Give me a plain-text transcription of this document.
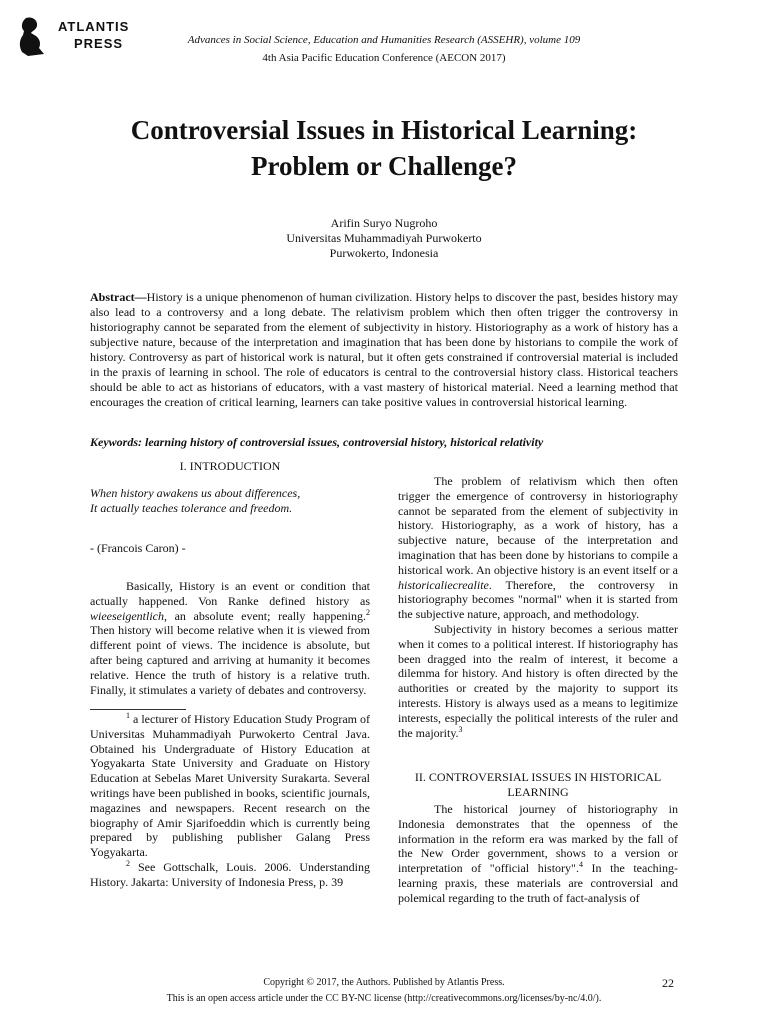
ATLANTIS
PRESS	Advances in Social Science, Education and Humanities Research (ASSEHR), volume 109
4th Asia Pacific Education Conference (AECON 2017)
Controversial Issues in Historical Learning:
Problem or Challenge?
Arifin Suryo Nugroho
Universitas Muhammadiyah Purwokerto
Purwokerto, Indonesia
Abstract—History is a unique phenomenon of human civilization. History helps to discover the past, besides history may also lead to a controversy and a long debate. The relativism problem which then often trigger the controversy in historiography cannot be separated from the element of subjectivity in history. Historiography as a work of history has a subjective nature, because of the interpretation and imagination that has been done by historians to compile the work of history. Controversy as part of historical work is natural, but it often gets constrained if controversial material is included in the praxis of learning in school. The role of educators is central to the controversial history class. Historical teachers should be able to act as historians of educators, with a vast mastery of historical material. Need a learning method that encourages the creation of critical learning, learners can take positive values in controversial historical learning.
Keywords: learning history of controversial issues, controversial history, historical relativity
I. INTRODUCTION
When history awakens us about differences,
It actually teaches tolerance and freedom.
- (Francois Caron) -

Basically, History is an event or condition that actually happened. Von Ranke defined history as wieeseigentlich, an absolute event; really happening.$^2$ Then history will become relative when it is viewed from different point of views. The incidence is absolute, but after being captured and arriving at humanity it becomes relative. Hence the truth of history is a relative truth. Finally, it stimulates a variety of debates and controversy.

$^1$ a lecturer of History Education Study Program of Universitas Muhammadiyah Purwokerto Central Java. Obtained his Undergraduate of History Education at Yogyakarta State University and Graduate on History Education at Sebelas Maret University Surakarta. Several writings have been published in books, scientific journals, magazines and newspapers. Recent research on the biography of Amir Sjarifoeddin which is currently being prepared by publishing publisher Galang Press Yogyakarta.

$^2$ See Gottschalk, Louis. 2006. Understanding History. Jakarta: University of Indonesia Press, p. 39

The problem of relativism which then often trigger the emergence of controversy in historiography cannot be separated from the element of subjectivity in history. Historiography, as a work of history, has a subjective nature, because of the interpretation and imagination that has been done by historians to compile a historical work. An objective history is an event itself or a historicaliecrealite. Therefore, the controversy in historiography becomes "normal" when it is started from the subjective nature, approach, and methodology.

Subjectivity in history becomes a serious matter when it comes to a political interest. If historiography has been dragged into the realm of interest, it become a dilemma for history. And history is often directed by the authorities or created by the majority to support its interests. History is always used as a means to legitimize interests, especially the political interests of the ruler and the majority.$^3$

II. CONTROVERSIAL ISSUES IN HISTORICAL
LEARNING

The historical journey of historiography in Indonesia demonstrates that the openness of the information in the reform era was marked by the fall of the New Order government, shows to a version or interpretation of "official history".$^4$ In the teaching-learning praxis, these materials are controversial and polemical regarding to the truth of fact-analysis of

Copyright © 2017, the Authors. Published by Atlantis Press.
This is an open access article under the CC BY-NC license (http://creativecommons.org/licenses/by-nc/4.0/).
22
